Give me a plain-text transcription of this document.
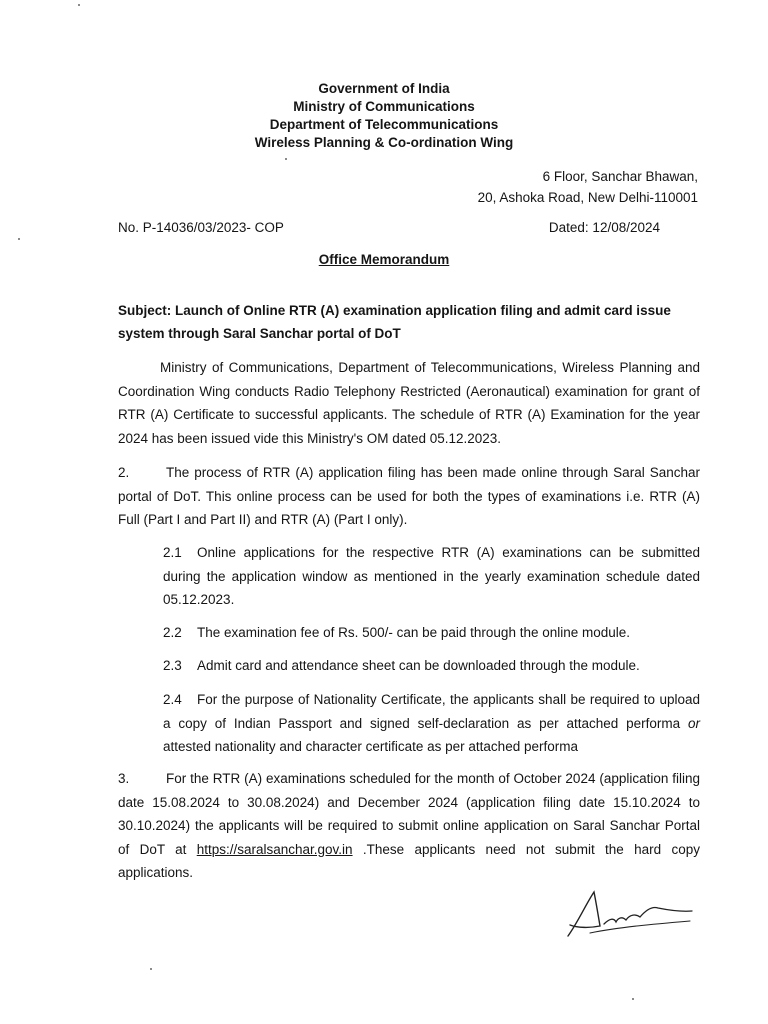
Government of India
Ministry of Communications
Department of Telecommunications
Wireless Planning & Co-ordination Wing
6 Floor, Sanchar Bhawan,
20, Ashoka Road, New Delhi-110001
No. P-14036/03/2023- COP	Dated: 12/08/2024
Office Memorandum
Subject: Launch of Online RTR (A) examination application filing and admit card issue system through Saral Sanchar portal of DoT
Ministry of Communications, Department of Telecommunications, Wireless Planning and Coordination Wing conducts Radio Telephony Restricted (Aeronautical) examination for grant of RTR (A) Certificate to successful applicants. The schedule of RTR (A) Examination for the year 2024 has been issued vide this Ministry's OM dated 05.12.2023.
2.	The process of RTR (A) application filing has been made online through Saral Sanchar portal of DoT. This online process can be used for both the types of examinations i.e. RTR (A) Full (Part I and Part II) and RTR (A) (Part I only).
2.1 Online applications for the respective RTR (A) examinations can be submitted during the application window as mentioned in the yearly examination schedule dated 05.12.2023.
2.2 The examination fee of Rs. 500/- can be paid through the online module.
2.3 Admit card and attendance sheet can be downloaded through the module.
2.4 For the purpose of Nationality Certificate, the applicants shall be required to upload a copy of Indian Passport and signed self-declaration as per attached performa or attested nationality and character certificate as per attached performa
3.	For the RTR (A) examinations scheduled for the month of October 2024 (application filing date 15.08.2024 to 30.08.2024) and December 2024 (application filing date 15.10.2024 to 30.10.2024) the applicants will be required to submit online application on Saral Sanchar Portal of DoT at https://saralsanchar.gov.in .These applicants need not submit the hard copy applications.
